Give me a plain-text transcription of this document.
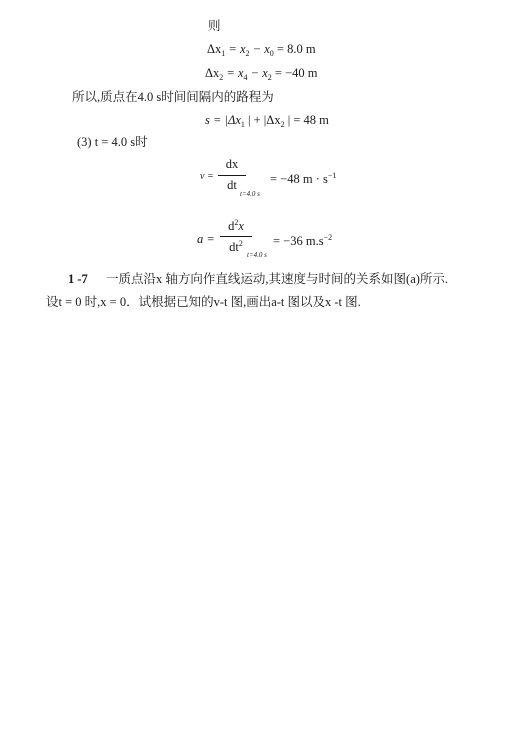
则
$\Delta x_1 = x_2 - x_0 = 8.0$ m
$\Delta x_2 = x_4 - x_2 = -40$ m
所以,质点在4.0 s时间间隔内的路程为
$s = |\Delta x_1$ | + $|\Delta x_2$ | = 48 m
(3) t = 4.0 s时
v =
dx
dt
t=4.0 s
= −48 $m \cdot s^{-1}$
a =
$d^2x$
$dt^2$
t=4.0 s
= −36 $m.s^{-2}$
1 -7 一质点沿x 轴方向作直线运动,其速度与时间的关系如图(a)所示.
设t = 0 时,x = 0．试根据已知的v-t 图,画出a-t 图以及x -t 图.
